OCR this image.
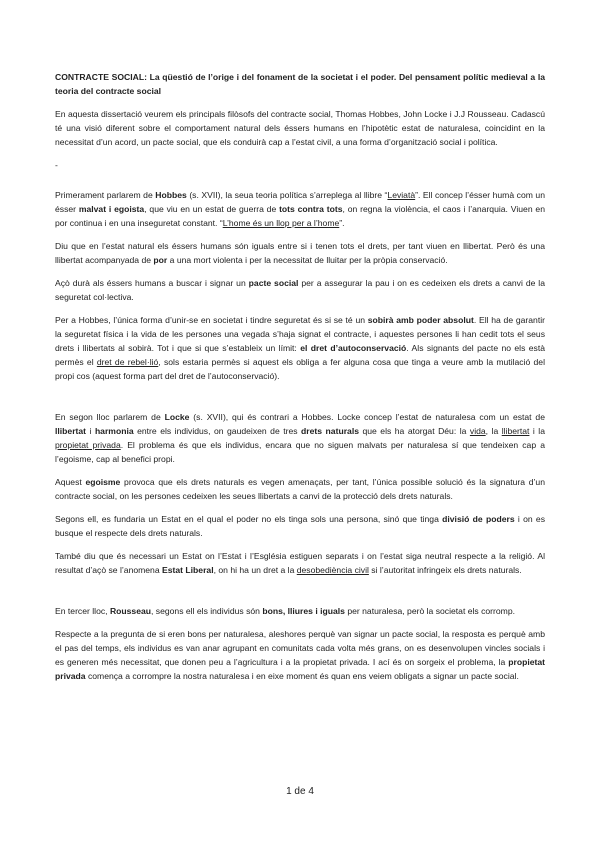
CONTRACTE SOCIAL: La qüestió de l’orige i del fonament de la societat i el poder. Del pensament polític medieval a la teoria del contracte social

En aquesta dissertació veurem els principals filòsofs del contracte social, Thomas Hobbes, John Locke i J.J Rousseau. Cadascú té una visió diferent sobre el comportament natural dels éssers humans en l’hipotètic estat de naturalesa, coincidint en la necessitat d’un acord, un pacte social, que els conduirà cap a l’estat civil, a una forma d’organització social i política.

-

Primerament parlarem de Hobbes (s. XVII), la seua teoria política s’arreplega al llibre “Leviatà”. Ell concep l’ésser humà com un ésser malvat i egoista, que viu en un estat de guerra de tots contra tots, on regna la violència, el caos i l’anarquia. Viuen en por continua i en una inseguretat constant. “L’home és un llop per a l’home”.

Diu que en l’estat natural els éssers humans són iguals entre si i tenen tots el drets, per tant viuen en llibertat. Però és una llibertat acompanyada de por a una mort violenta i per la necessitat de lluitar per la pròpia conservació.

Açò durà als éssers humans a buscar i signar un pacte social per a assegurar la pau i on es cedeixen els drets a canvi de la seguretat col·lectiva.

Per a Hobbes, l’única forma d’unir-se en societat i tindre seguretat és si se té un sobirà amb poder absolut. Ell ha de garantir la seguretat física i la vida de les persones una vegada s’haja signat el contracte, i aquestes persones li han cedit tots el seus drets i llibertats al sobirà. Tot i que si que s’estableix un límit: el dret d’autoconservació. Als signants del pacte no els està permès el dret de rebel·lió, sols estaria permès si aquest els obliga a fer alguna cosa que tinga a veure amb la mutilació del propi cos (aquest forma part del dret de l’autoconservació).

En segon lloc parlarem de Locke (s. XVII), qui és contrari a Hobbes. Locke concep l’estat de naturalesa com un estat de llibertat i harmonia entre els individus, on gaudeixen de tres drets naturals que els ha atorgat Déu: la vida, la llibertat i la propietat privada. El problema és que els individus, encara que no siguen malvats per naturalesa sí que tendeixen cap a l’egoisme, cap al benefici propi.

Aquest egoisme provoca que els drets naturals es vegen amenaçats, per tant, l’única possible solució és la signatura d’un contracte social, on les persones cedeixen les seues llibertats a canvi de la protecció dels drets naturals.

Segons ell, es fundaria un Estat en el qual el poder no els tinga sols una persona, sinó que tinga divisió de poders i on es busque el respecte dels drets naturals.

També diu que és necessari un Estat on l’Estat i l’Església estiguen separats i on l’estat siga neutral respecte a la religió. Al resultat d’açò se l’anomena Estat Liberal, on hi ha un dret a la desobediència civil si l’autoritat infringeix els drets naturals.

En tercer lloc, Rousseau, segons ell els individus són bons, lliures i iguals per naturalesa, però la societat els corromp.

Respecte a la pregunta de si eren bons per naturalesa, aleshores perquè van signar un pacte social, la resposta es perquè amb el pas del temps, els individus es van anar agrupant en comunitats cada volta més grans, on es desenvolupen vincles socials i es generen més necessitat, que donen peu a l’agricultura i a la propietat privada. I ací és on sorgeix el problema, la propietat privada comença a corrompre la nostra naturalesa i en eixe moment és quan ens veiem obligats a signar un pacte social.

1 de 4
